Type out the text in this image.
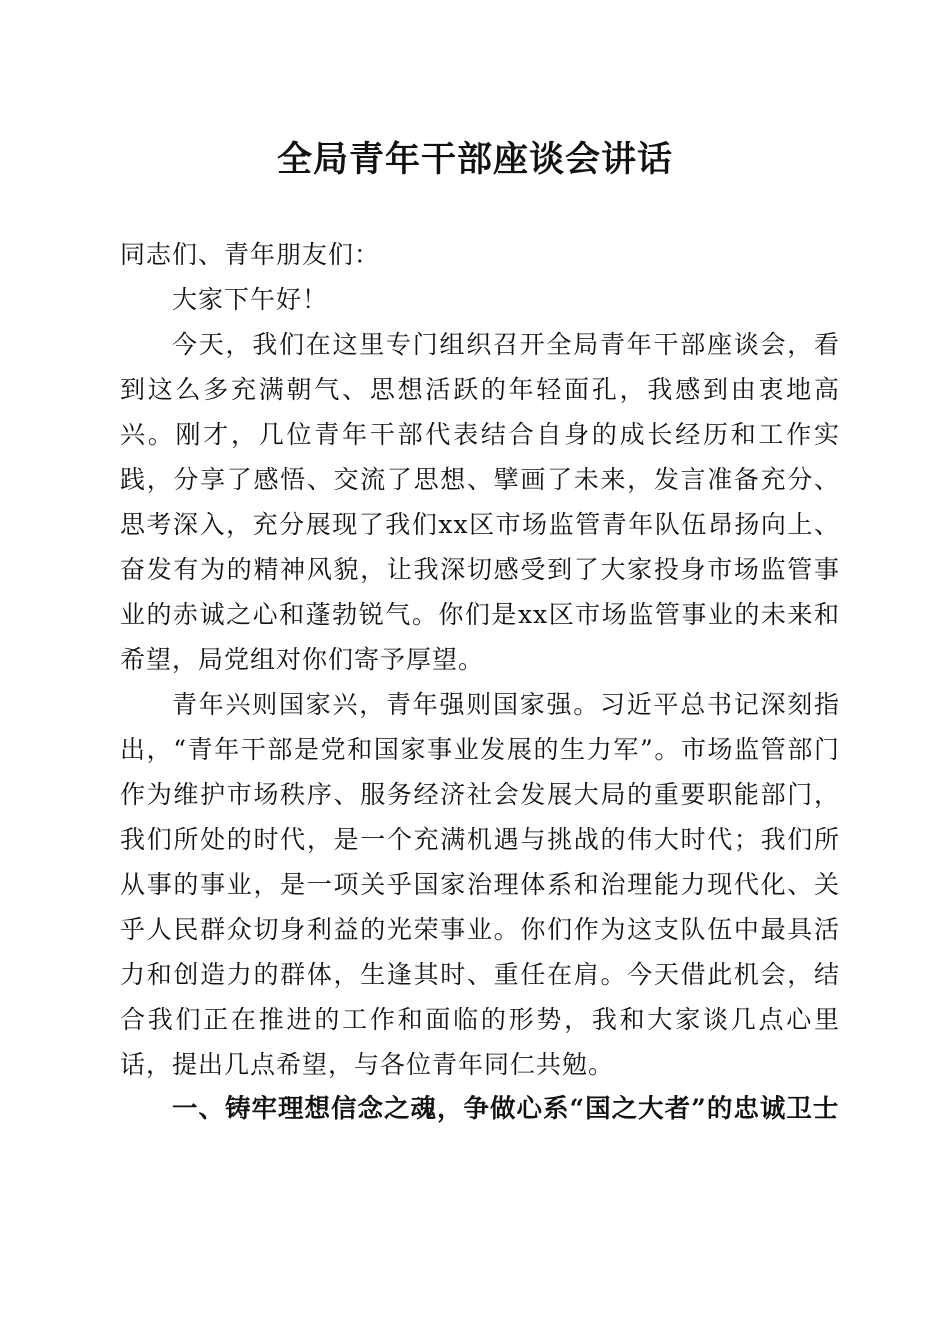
全局青年干部座谈会讲话

同志们、青年朋友们：

大家下午好！

今天，我们在这里专门组织召开全局青年干部座谈会，看到这么多充满朝气、思想活跃的年轻面孔，我感到由衷地高兴。刚才，几位青年干部代表结合自身的成长经历和工作实践，分享了感悟、交流了思想、擘画了未来，发言准备充分、思考深入，充分展现了我们xx区市场监管青年队伍昂扬向上、奋发有为的精神风貌，让我深切感受到了大家投身市场监管事业的赤诚之心和蓬勃锐气。你们是xx区市场监管事业的未来和希望，局党组对你们寄予厚望。

青年兴则国家兴，青年强则国家强。习近平总书记深刻指出，“青年干部是党和国家事业发展的生力军”。市场监管部门作为维护市场秩序、服务经济社会发展大局的重要职能部门，我们所处的时代，是一个充满机遇与挑战的伟大时代；我们所从事的事业，是一项关乎国家治理体系和治理能力现代化、关乎人民群众切身利益的光荣事业。你们作为这支队伍中最具活力和创造力的群体，生逢其时、重任在肩。今天借此机会，结合我们正在推进的工作和面临的形势，我和大家谈几点心里话，提出几点希望，与各位青年同仁共勉。

一、铸牢理想信念之魂，争做心系“国之大者”的忠诚卫士
